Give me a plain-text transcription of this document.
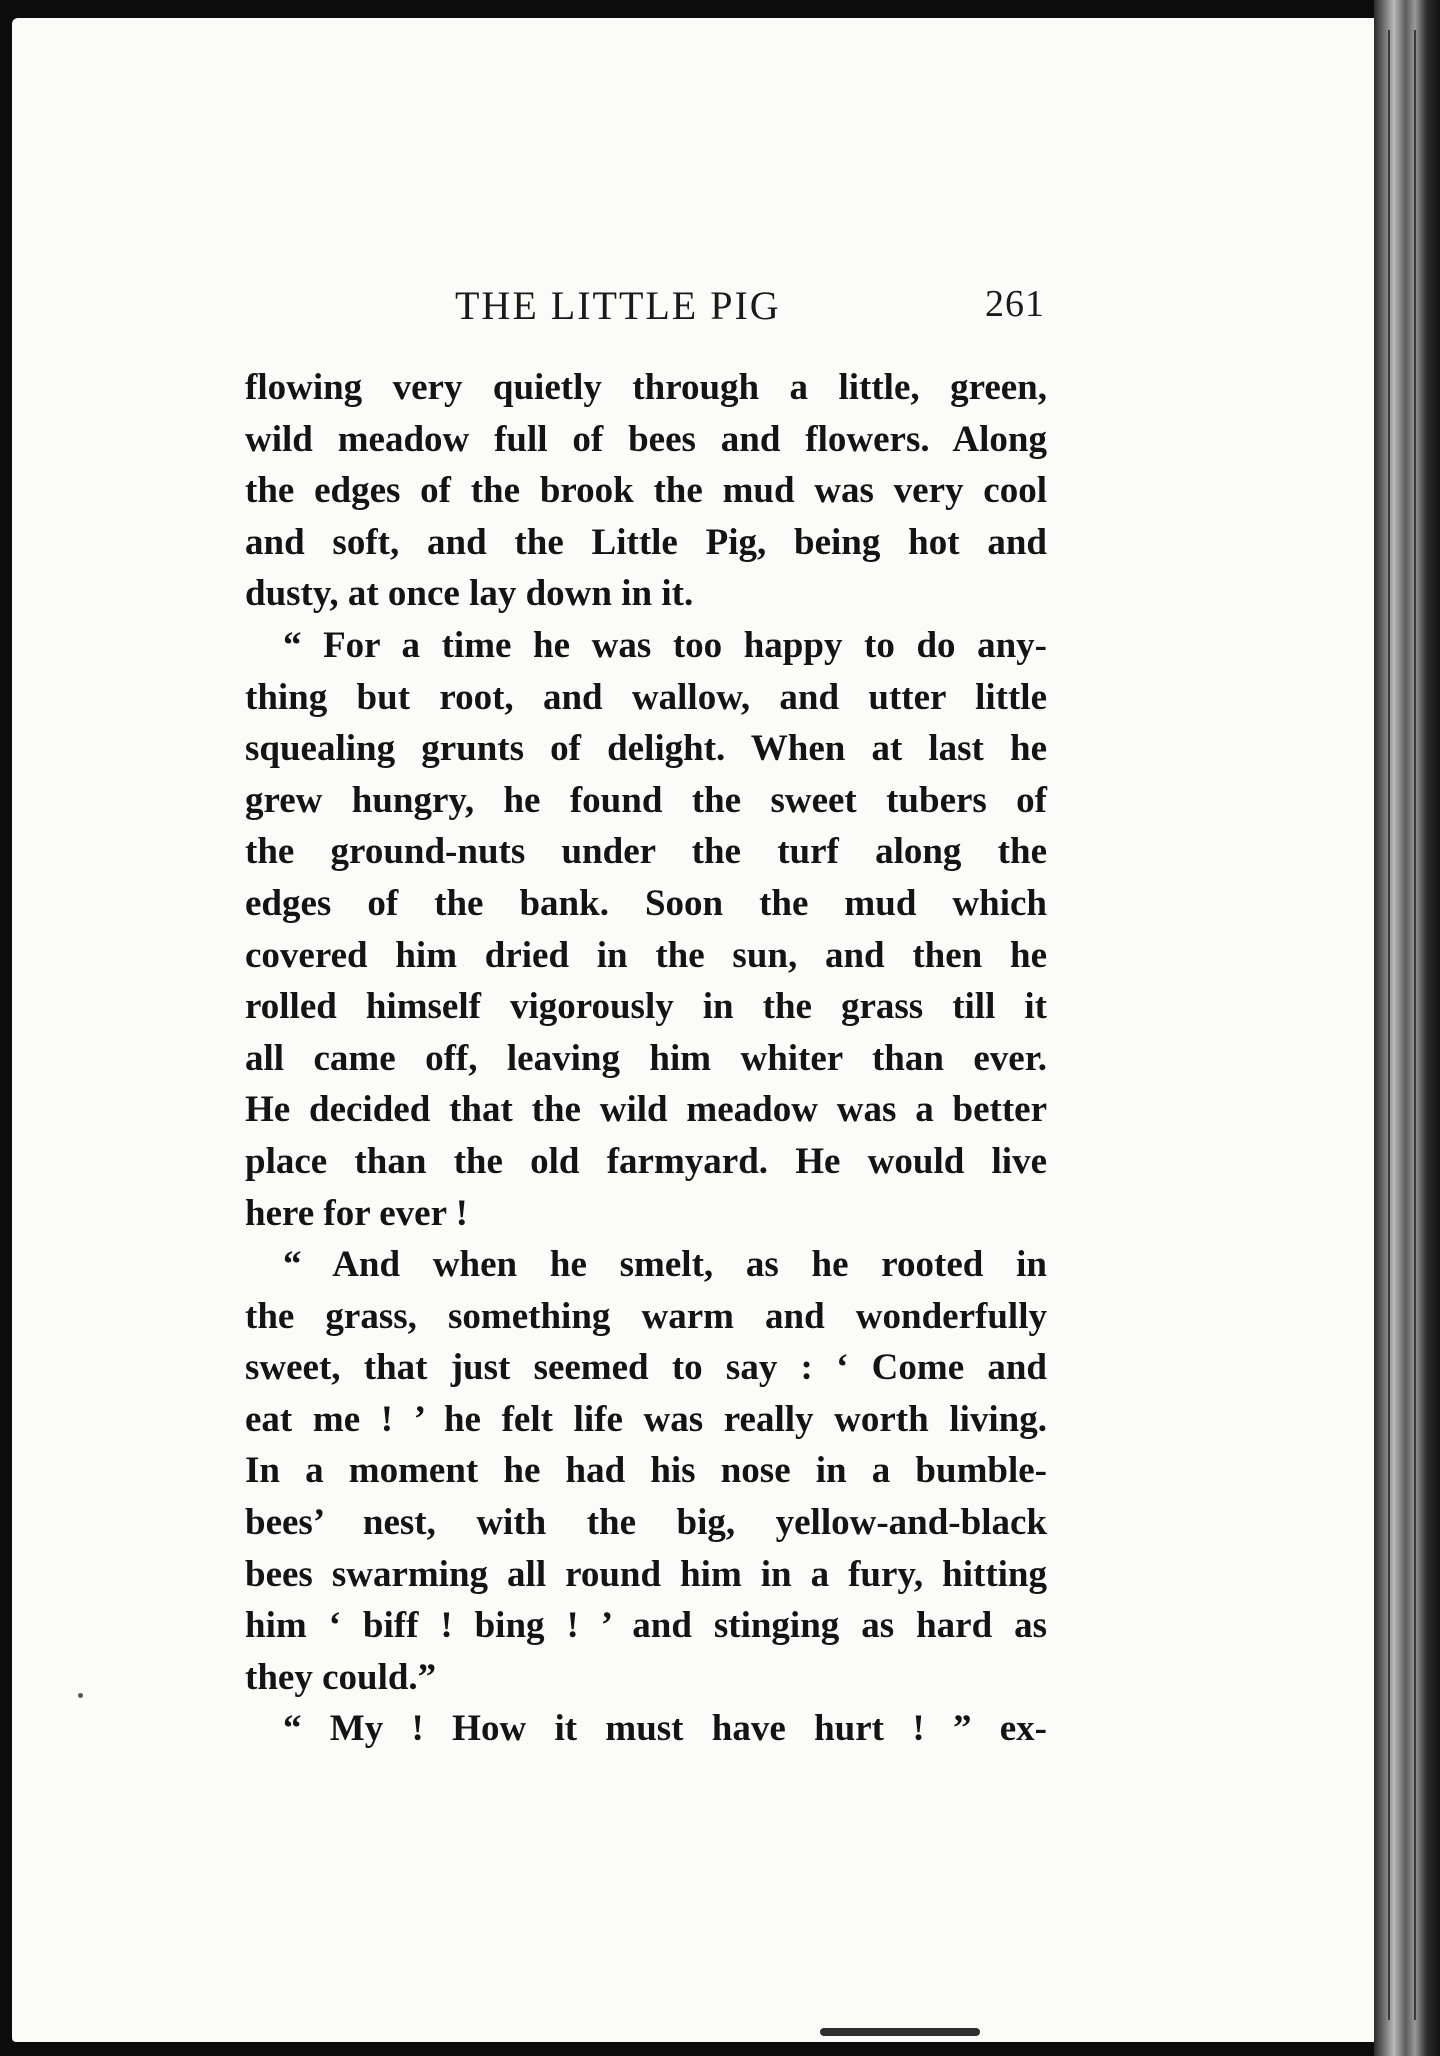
THE LITTLE PIG	261
flowing very quietly through a little, green,
wild meadow full of bees and flowers. Along
the edges of the brook the mud was very cool
and soft, and the Little Pig, being hot and
dusty, at once lay down in it.
“ For a time he was too happy to do any-
thing but root, and wallow, and utter little
squealing grunts of delight. When at last he
grew hungry, he found the sweet tubers of
the ground-nuts under the turf along the
edges of the bank. Soon the mud which
covered him dried in the sun, and then he
rolled himself vigorously in the grass till it
all came off, leaving him whiter than ever.
He decided that the wild meadow was a better
place than the old farmyard. He would live
here for ever !
“ And when he smelt, as he rooted in
the grass, something warm and wonderfully
sweet, that just seemed to say : ‘ Come and
eat me ! ’ he felt life was really worth living.
In a moment he had his nose in a bumble-
bees’ nest, with the big, yellow-and-black
bees swarming all round him in a fury, hitting
him ‘ biff ! bing ! ’ and stinging as hard as
they could.”
“ My ! How it must have hurt ! ” ex-
